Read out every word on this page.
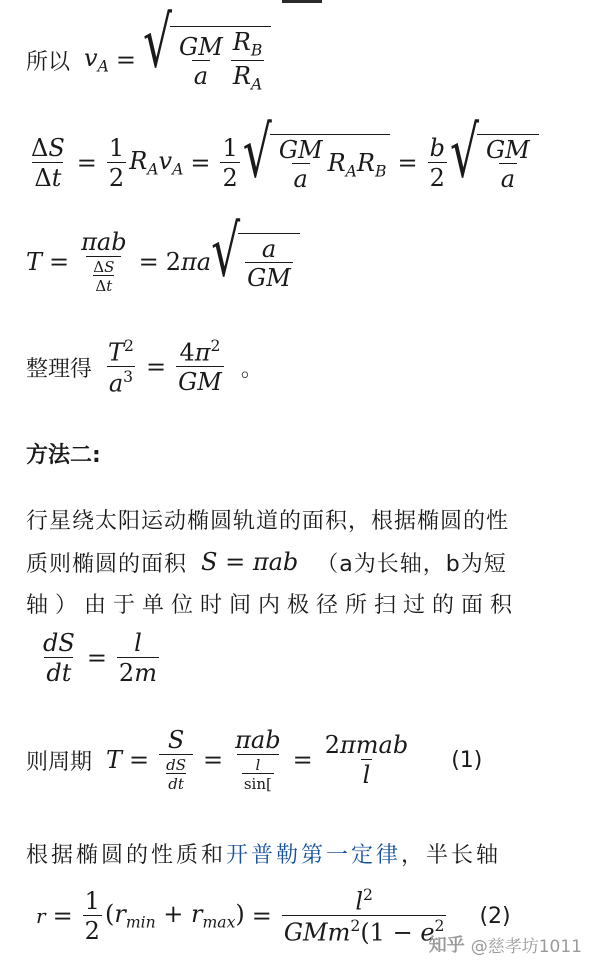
所以 $v_A$ = √ $\frac{GM}{a} \frac{R_B}{R_A}$
$\frac{\Delta S}{\Delta t} = \frac{1}{2} R_Av_A = \frac{1}{2}$ √ $\frac{GM}{a} R_AR_B = \frac{b}{2}$ √ $\frac{GM}{a}$
$T = \frac{\text{πab}}{\frac{\Delta S}{\Delta t}} = 2\pi a$ √ $\frac{a}{GM}$
整理得 $\frac{T^2}{a^3} = \frac{4\pi^2}{GM}$ 。
方法二:
行星绕太阳运动椭圆轨道的面积，根据椭圆的性
质则椭圆的面积 S = πab （a为长轴，b为短
轴）由于单位时间内极径所扫过的面积
$\frac{dS}{dt} = \frac{l}{2m}$
则周期 $T = \frac{S}{\frac{dS}{dt}} = \frac{\text{πab}}{\frac{l}{\sin[}} = \frac{\text{2πmab}}{l} (1)$
根据椭圆的性质和开普勒第一定律，半长轴
$r = \frac{1}{2} (r_{min} + r_{max}) = \frac{l^2}{GMm^2(1 - e^2} (2)$
知乎 @慈孝坊1011
